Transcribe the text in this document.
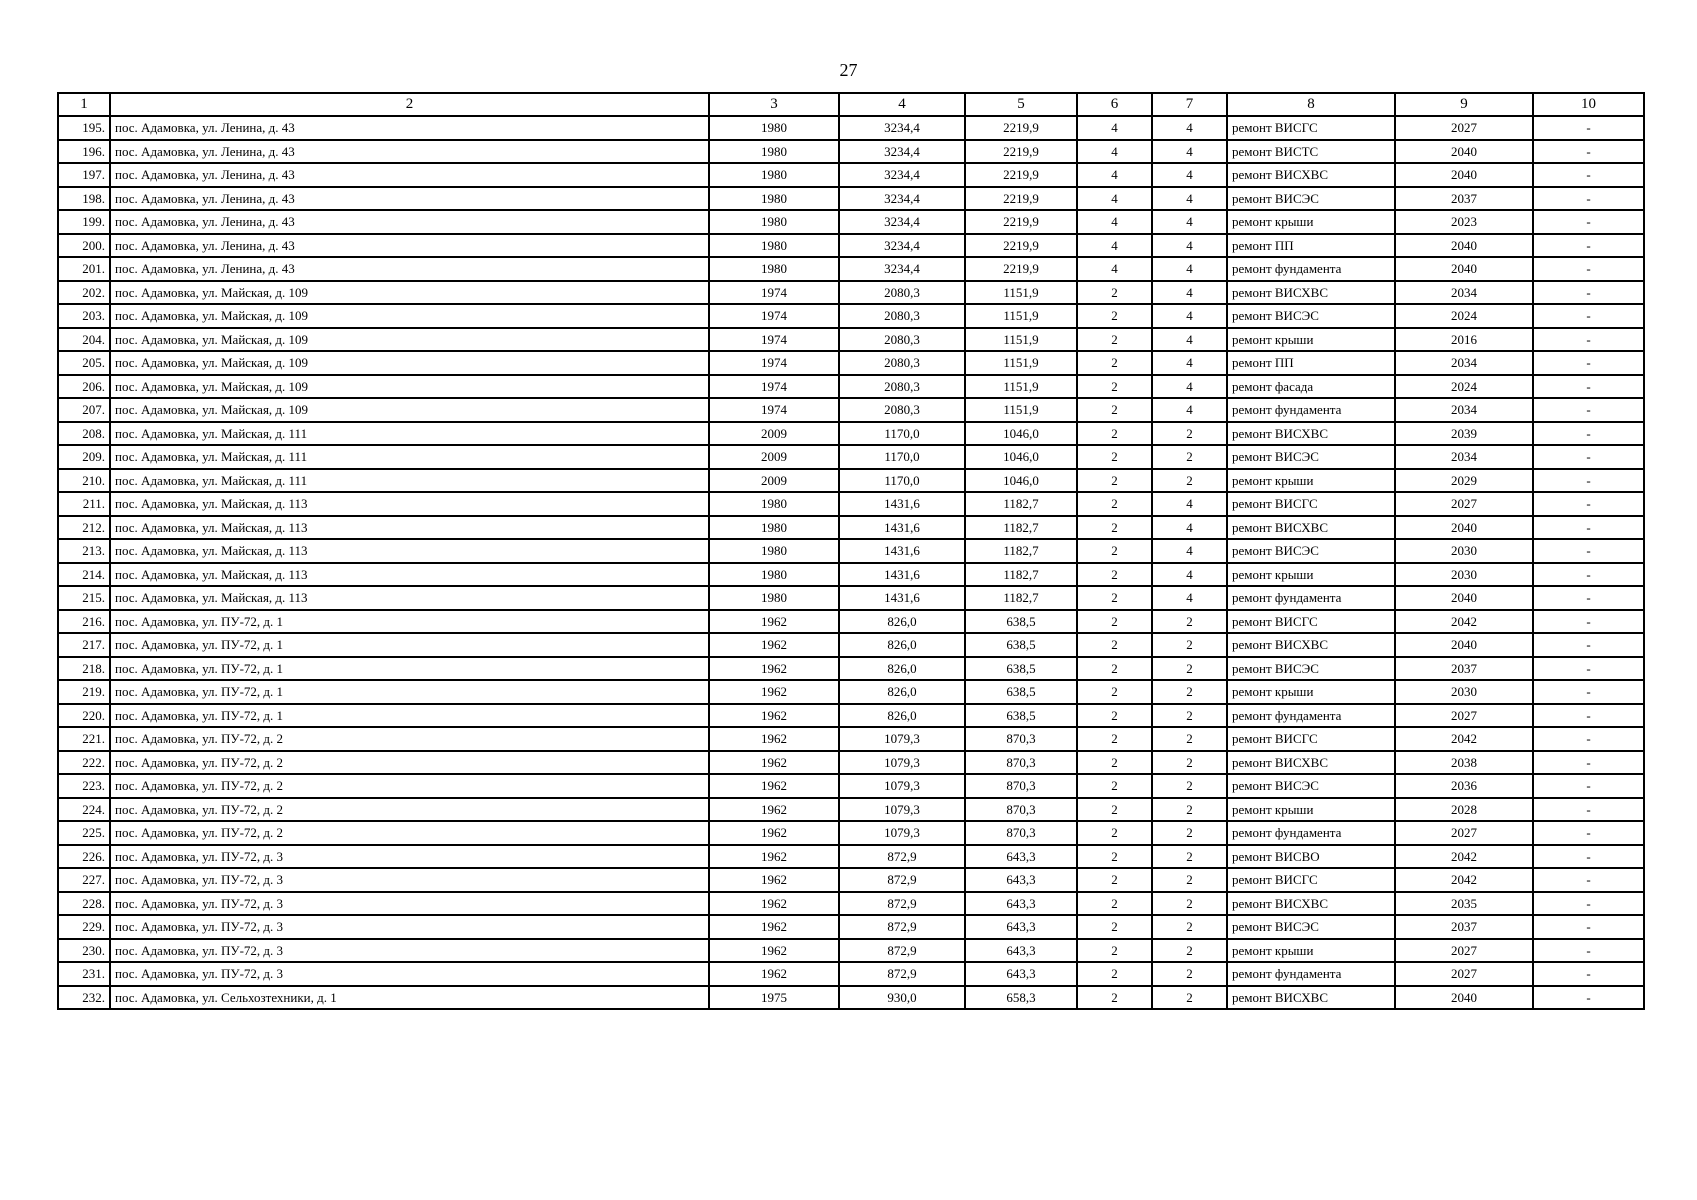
27
1	2	3	4	5	6	7	8	9	10
195.	пос. Адамовка, ул. Ленина, д. 43	1980	3234,4	2219,9	4	4	ремонт ВИСГС	2027	-
196.	пос. Адамовка, ул. Ленина, д. 43	1980	3234,4	2219,9	4	4	ремонт ВИСТС	2040	-
197.	пос. Адамовка, ул. Ленина, д. 43	1980	3234,4	2219,9	4	4	ремонт ВИСХВС	2040	-
198.	пос. Адамовка, ул. Ленина, д. 43	1980	3234,4	2219,9	4	4	ремонт ВИСЭС	2037	-
199.	пос. Адамовка, ул. Ленина, д. 43	1980	3234,4	2219,9	4	4	ремонт крыши	2023	-
200.	пос. Адамовка, ул. Ленина, д. 43	1980	3234,4	2219,9	4	4	ремонт ПП	2040	-
201.	пос. Адамовка, ул. Ленина, д. 43	1980	3234,4	2219,9	4	4	ремонт фундамента	2040	-
202.	пос. Адамовка, ул. Майская, д. 109	1974	2080,3	1151,9	2	4	ремонт ВИСХВС	2034	-
203.	пос. Адамовка, ул. Майская, д. 109	1974	2080,3	1151,9	2	4	ремонт ВИСЭС	2024	-
204.	пос. Адамовка, ул. Майская, д. 109	1974	2080,3	1151,9	2	4	ремонт крыши	2016	-
205.	пос. Адамовка, ул. Майская, д. 109	1974	2080,3	1151,9	2	4	ремонт ПП	2034	-
206.	пос. Адамовка, ул. Майская, д. 109	1974	2080,3	1151,9	2	4	ремонт фасада	2024	-
207.	пос. Адамовка, ул. Майская, д. 109	1974	2080,3	1151,9	2	4	ремонт фундамента	2034	-
208.	пос. Адамовка, ул. Майская, д. 111	2009	1170,0	1046,0	2	2	ремонт ВИСХВС	2039	-
209.	пос. Адамовка, ул. Майская, д. 111	2009	1170,0	1046,0	2	2	ремонт ВИСЭС	2034	-
210.	пос. Адамовка, ул. Майская, д. 111	2009	1170,0	1046,0	2	2	ремонт крыши	2029	-
211.	пос. Адамовка, ул. Майская, д. 113	1980	1431,6	1182,7	2	4	ремонт ВИСГС	2027	-
212.	пос. Адамовка, ул. Майская, д. 113	1980	1431,6	1182,7	2	4	ремонт ВИСХВС	2040	-
213.	пос. Адамовка, ул. Майская, д. 113	1980	1431,6	1182,7	2	4	ремонт ВИСЭС	2030	-
214.	пос. Адамовка, ул. Майская, д. 113	1980	1431,6	1182,7	2	4	ремонт крыши	2030	-
215.	пос. Адамовка, ул. Майская, д. 113	1980	1431,6	1182,7	2	4	ремонт фундамента	2040	-
216.	пос. Адамовка, ул. ПУ-72, д. 1	1962	826,0	638,5	2	2	ремонт ВИСГС	2042	-
217.	пос. Адамовка, ул. ПУ-72, д. 1	1962	826,0	638,5	2	2	ремонт ВИСХВС	2040	-
218.	пос. Адамовка, ул. ПУ-72, д. 1	1962	826,0	638,5	2	2	ремонт ВИСЭС	2037	-
219.	пос. Адамовка, ул. ПУ-72, д. 1	1962	826,0	638,5	2	2	ремонт крыши	2030	-
220.	пос. Адамовка, ул. ПУ-72, д. 1	1962	826,0	638,5	2	2	ремонт фундамента	2027	-
221.	пос. Адамовка, ул. ПУ-72, д. 2	1962	1079,3	870,3	2	2	ремонт ВИСГС	2042	-
222.	пос. Адамовка, ул. ПУ-72, д. 2	1962	1079,3	870,3	2	2	ремонт ВИСХВС	2038	-
223.	пос. Адамовка, ул. ПУ-72, д. 2	1962	1079,3	870,3	2	2	ремонт ВИСЭС	2036	-
224.	пос. Адамовка, ул. ПУ-72, д. 2	1962	1079,3	870,3	2	2	ремонт крыши	2028	-
225.	пос. Адамовка, ул. ПУ-72, д. 2	1962	1079,3	870,3	2	2	ремонт фундамента	2027	-
226.	пос. Адамовка, ул. ПУ-72, д. 3	1962	872,9	643,3	2	2	ремонт ВИСВО	2042	-
227.	пос. Адамовка, ул. ПУ-72, д. 3	1962	872,9	643,3	2	2	ремонт ВИСГС	2042	-
228.	пос. Адамовка, ул. ПУ-72, д. 3	1962	872,9	643,3	2	2	ремонт ВИСХВС	2035	-
229.	пос. Адамовка, ул. ПУ-72, д. 3	1962	872,9	643,3	2	2	ремонт ВИСЭС	2037	-
230.	пос. Адамовка, ул. ПУ-72, д. 3	1962	872,9	643,3	2	2	ремонт крыши	2027	-
231.	пос. Адамовка, ул. ПУ-72, д. 3	1962	872,9	643,3	2	2	ремонт фундамента	2027	-
232.	пос. Адамовка, ул. Сельхозтехники, д. 1	1975	930,0	658,3	2	2	ремонт ВИСХВС	2040	-
